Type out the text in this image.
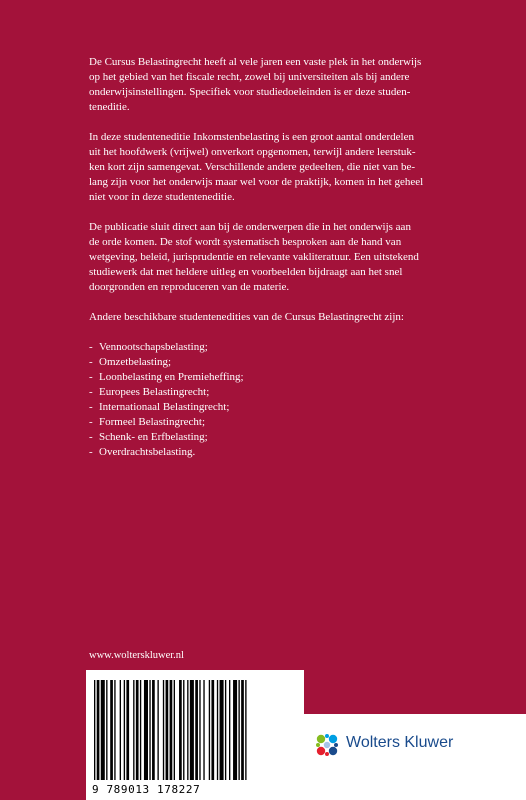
De Cursus Belastingrecht heeft al vele jaren een vaste plek in het onderwijs
op het gebied van het fiscale recht, zowel bij universiteiten als bij andere
onderwijsinstellingen. Specifiek voor studiedoeleinden is er deze studen-
teneditie.

In deze studenteneditie Inkomstenbelasting is een groot aantal onderdelen
uit het hoofdwerk (vrijwel) onverkort opgenomen, terwijl andere leerstuk-
ken kort zijn samengevat. Verschillende andere gedeelten, die niet van be-
lang zijn voor het onderwijs maar wel voor de praktijk, komen in het geheel
niet voor in deze studenteneditie.

De publicatie sluit direct aan bij de onderwerpen die in het onderwijs aan
de orde komen. De stof wordt systematisch besproken aan de hand van
wetgeving, beleid, jurisprudentie en relevante vakliteratuur. Een uitstekend
studiewerk dat met heldere uitleg en voorbeelden bijdraagt aan het snel
doorgronden en reproduceren van de materie.

Andere beschikbare studentenedities van de Cursus Belastingrecht zijn:

- Vennootschapsbelasting;
- Omzetbelasting;
- Loonbelasting en Premieheffing;
- Europees Belastingrecht;
- Internationaal Belastingrecht;
- Formeel Belastingrecht;
- Schenk- en Erfbelasting;
- Overdrachtsbelasting.
www.wolterskluwer.nl
9 789013 178227
Wolters Kluwer
